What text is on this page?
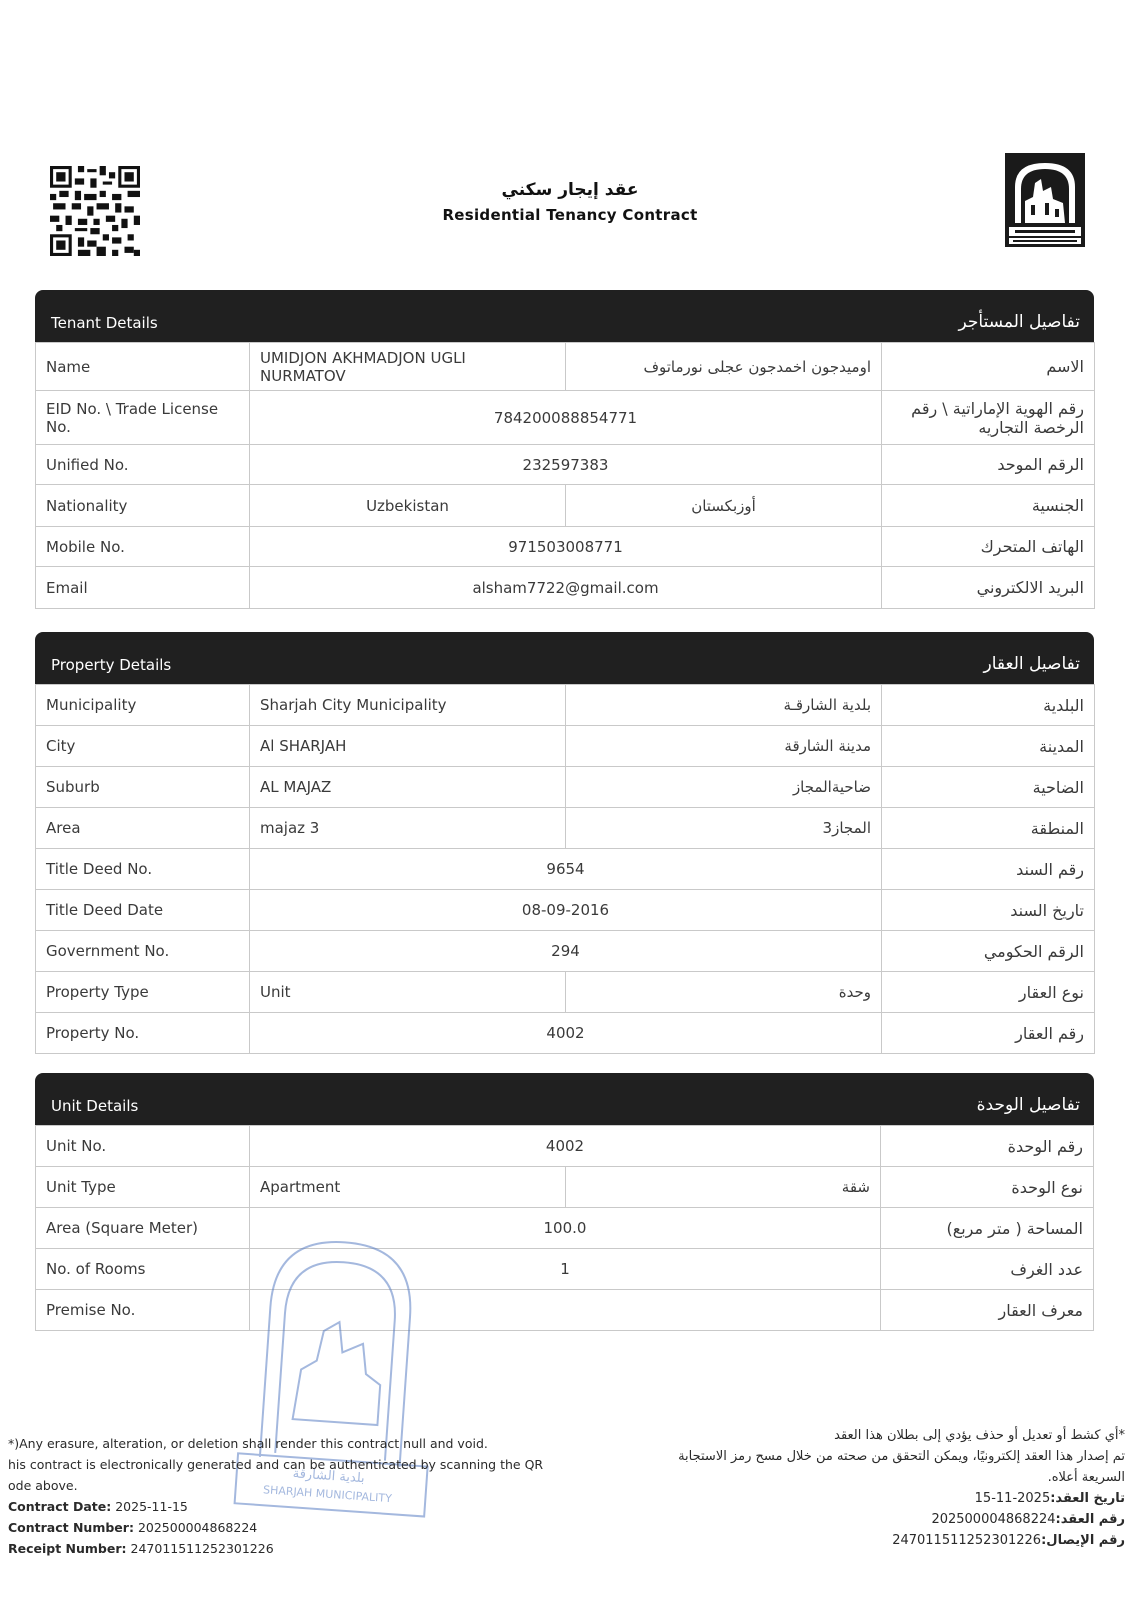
عقد إيجار سكني
Residential Tenancy Contract
Tenant Details	تفاصيل المستأجر
Name	UMIDJON AKHMADJON UGLI NURMATOV	اوميدجون اخمدجون عجلى نورماتوف	الاسم
EID No. \ Trade License No.	784200088854771		رقم الهوية الإماراتية \ رقم الرخصة التجاريه
Unified No.	232597383		الرقم الموحد
Nationality	Uzbekistan	أوزبكستان	الجنسية
Mobile No.	971503008771		الهاتف المتحرك
Email	alsham7722@gmail.com		البريد الالكتروني
Property Details	تفاصيل العقار
Municipality	Sharjah City Municipality	بلدية الشارقـة	البلدية
City	Al SHARJAH	مدينة الشارقة	المدينة
Suburb	AL MAJAZ	ضاحيةالمجاز	الضاحية
Area	majaz 3	المجاز3	المنطقة
Title Deed No.	9654		رقم السند
Title Deed Date	08-09-2016		تاريخ السند
Government No.	294		الرقم الحكومي
Property Type	Unit	وحدة	نوع العقار
Property No.	4002		رقم العقار
Unit Details	تفاصيل الوحدة
Unit No.	4002		رقم الوحدة
Unit Type	Apartment	شقة	نوع الوحدة
Area (Square Meter)	100.0		المساحة ( متر مربع)
No. of Rooms	1		عدد الغرف
Premise No.			معرف العقار
بلدية الشارقة
SHARJAH MUNICIPALITY
*)Any erasure, alteration, or deletion shall render this contract null and void.
his contract is electronically generated and can be authenticated by scanning the QR
ode above.
Contract Date: 2025-11-15
Contract Number: 202500004868224
Receipt Number: 247011511252301226
*أي كشط أو تعديل أو حذف يؤدي إلى بطلان هذا العقد
تم إصدار هذا العقد إلكترونيًا، ويمكن التحقق من صحته من خلال مسح رمز الاستجابة
السريعة أعلاه.
تاريخ العقد:2025-11-15
رقم العقد:202500004868224
رقم الإيصال:247011511252301226
